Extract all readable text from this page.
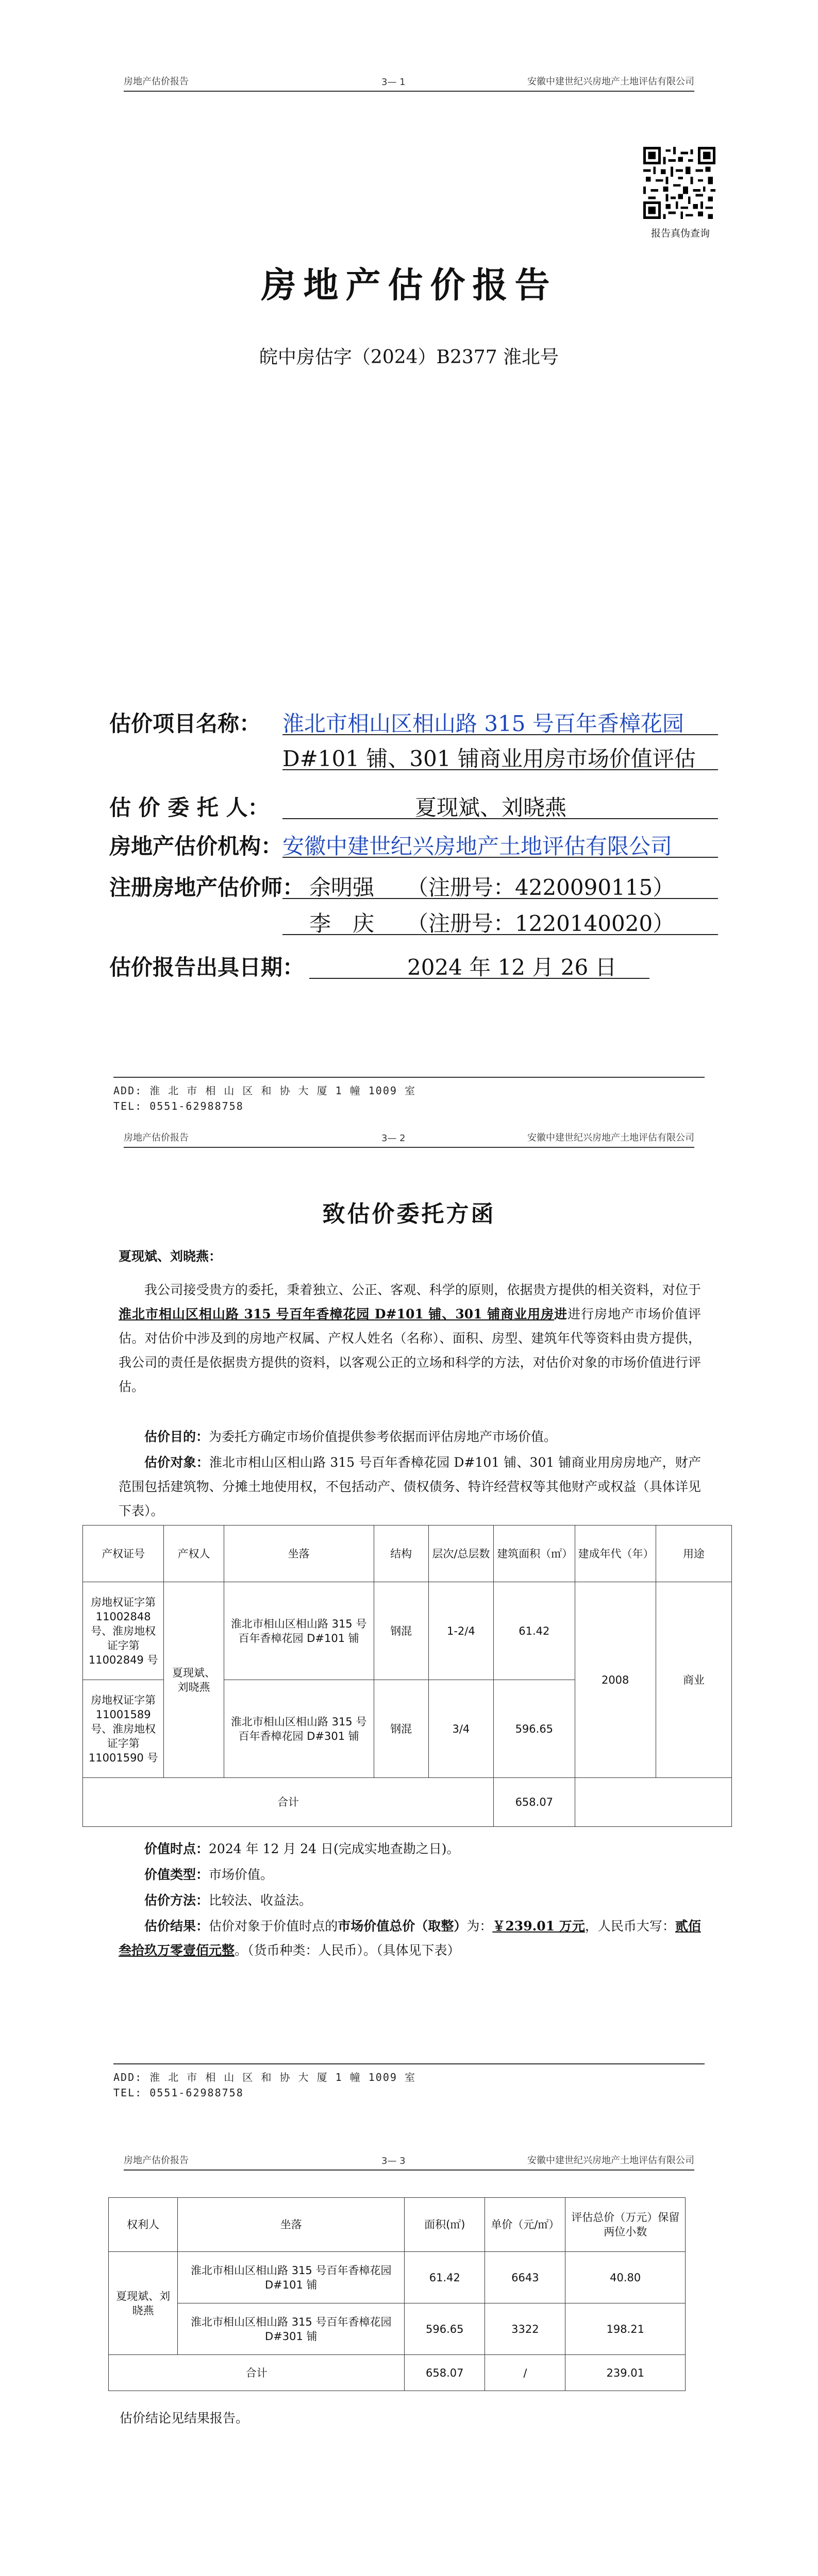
房地产估价报告	3— 1	安徽中建世纪兴房地产土地评估有限公司
报告真伪查询
房地产估价报告
皖中房估字（2024）B2377 淮北号
估价项目名称： 淮北市相山区相山路 315 号百年香樟花园
D#101 铺、301 铺商业用房市场价值评估
估 价 委 托 人：	夏现斌、刘晓燕
房地产估价机构： 安徽中建世纪兴房地产土地评估有限公司
注册房地产估价师： 余明强　　（注册号：4220090115）
李　庆　　（注册号：1220140020）
估价报告出具日期：	2024 年 12 月 26 日
ADD: 淮 北 市 相 山 区 和 协 大 厦 1 幢 1009 室
TEL: 0551-62988758
房地产估价报告	3— 2	安徽中建世纪兴房地产土地评估有限公司
致估价委托方函
夏现斌、刘晓燕：
我公司接受贵方的委托，秉着独立、公正、客观、科学的原则，依据贵方提供的相关资料，对位于淮北市相山区相山路 315 号百年香樟花园 D#101 铺、301 铺商业用房进进行房地产市场价值评估。对估价中涉及到的房地产权属、产权人姓名（名称）、面积、房型、建筑年代等资料由贵方提供，我公司的责任是依据贵方提供的资料，以客观公正的立场和科学的方法，对估价对象的市场价值进行评估。
估价目的：为委托方确定市场价值提供参考依据而评估房地产市场价值。
估价对象：淮北市相山区相山路 315 号百年香樟花园 D#101 铺、301 铺商业用房房地产，财产范围包括建筑物、分摊土地使用权，不包括动产、债权债务、特许经营权等其他财产或权益（具体详见下表）。
产权证号	产权人	坐落	结构	层次/总层数	建筑面积（㎡）	建成年代（年）	用途
房地权证字第 11002848 号、淮房地权证字第 11002849 号	夏现斌、刘晓燕	淮北市相山区相山路 315 号百年香樟花园 D#101 铺	钢混	1-2/4	61.42	2008	商业
房地权证字第 11001589 号、淮房地权证字第 11001590 号		淮北市相山区相山路 315 号百年香樟花园 D#301 铺	钢混	3/4	596.65		
合计					658.07		
价值时点：2024 年 12 月 24 日(完成实地查勘之日)。
价值类型：市场价值。
估价方法：比较法、收益法。
估价结果：估价对象于价值时点的市场价值总价（取整）为：￥239.01 万元，人民币大写：贰佰叁拾玖万零壹佰元整。（货币种类：人民币）。（具体见下表）
ADD: 淮 北 市 相 山 区 和 协 大 厦 1 幢 1009 室
TEL: 0551-62988758
房地产估价报告	3— 3	安徽中建世纪兴房地产土地评估有限公司
权利人	坐落	面积(㎡)	单价（元/㎡）	评估总价（万元）保留两位小数
夏现斌、刘晓燕	淮北市相山区相山路 315 号百年香樟花园 D#101 铺	61.42	6643	40.80
	淮北市相山区相山路 315 号百年香樟花园 D#301 铺	596.65	3322	198.21
合计		658.07	/	239.01
估价结论见结果报告。
